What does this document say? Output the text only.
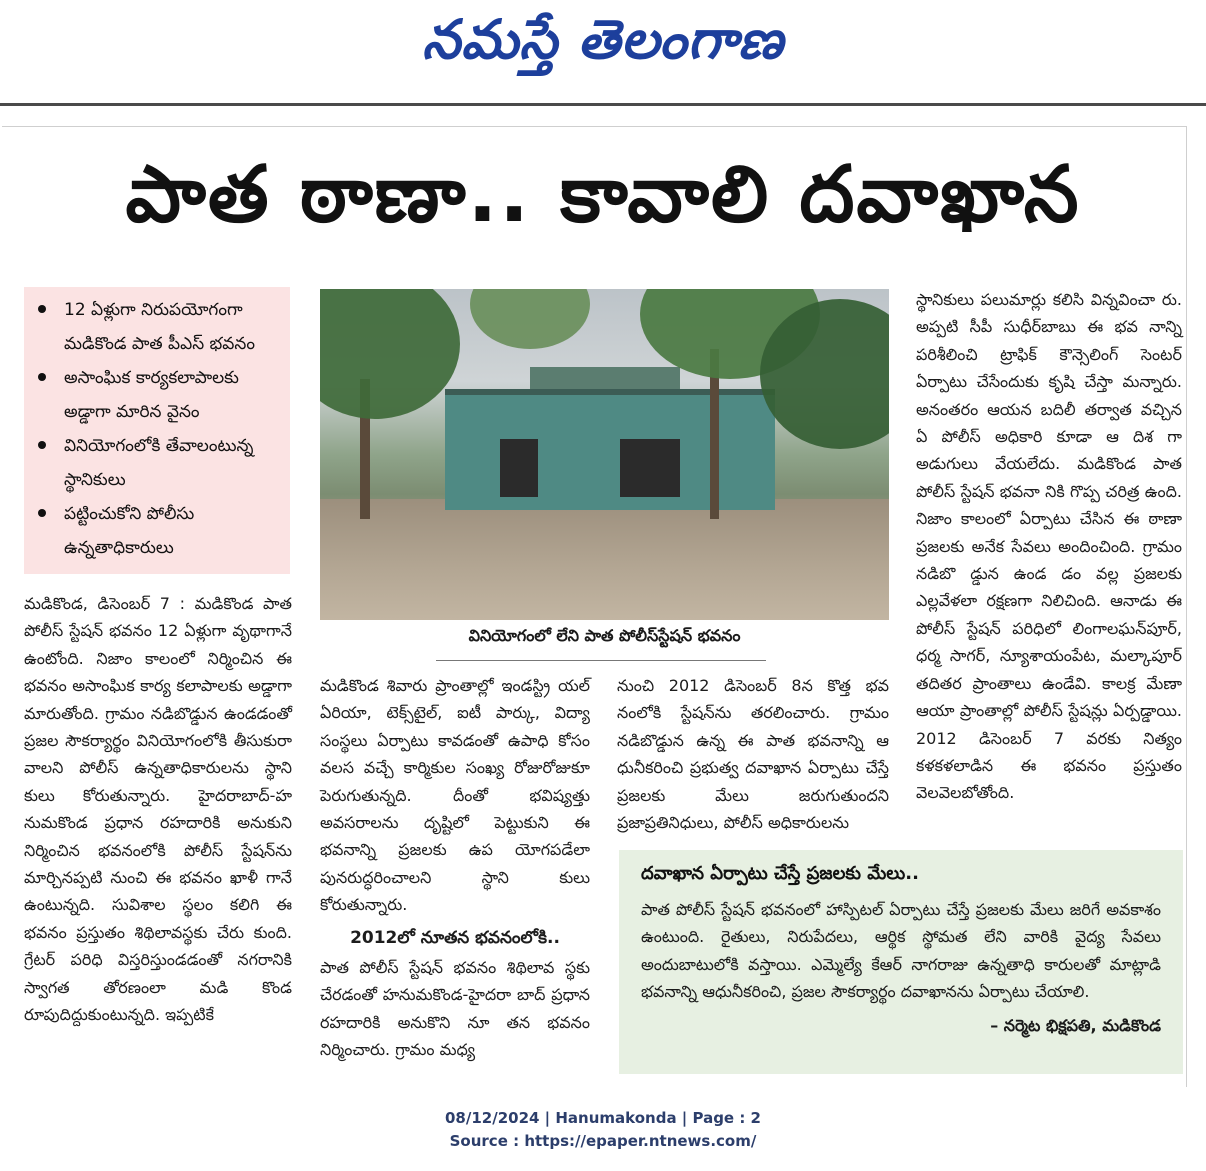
నమస్తే తెలంగాణ
పాత ఠాణా.. కావాలి దవాఖాన
12 ఏళ్లుగా నిరుపయోగంగా మడికొండ పాత పీఎస్ భవనం
అసాంఘిక కార్యకలాపాలకు అడ్డాగా మారిన వైనం
వినియోగంలోకి తేవాలంటున్న స్థానికులు
పట్టించుకోని పోలీసు ఉన్నతాధికారులు
వినియోగంలో లేని పాత పోలీస్‌స్టేషన్ భవనం

మడికొండ, డిసెంబర్ 7 : మడికొండ పాత పోలీస్ స్టేషన్ భవనం 12 ఏళ్లుగా వృథాగానే ఉంటోంది. నిజాం కాలంలో నిర్మించిన ఈ భవనం అసాంఘిక కార్య కలాపాలకు అడ్డాగా మారుతోంది. గ్రామం నడిబొడ్డున ఉండడంతో ప్రజల సౌకర్యార్థం వినియోగంలోకి తీసుకురా వాలని పోలీస్ ఉన్నతాధికారులను స్థాని కులు కోరుతున్నారు. హైదరాబాద్-హ నుమకొండ ప్రధాన రహదారికి అనుకుని నిర్మించిన భవనంలోకి పోలీస్ స్టేషన్‌ను మార్చినప్పటి నుంచి ఈ భవనం ఖాళీ గానే ఉంటున్నది. సువిశాల స్థలం కలిగి ఈ భవనం ప్రస్తుతం శిథిలావస్థకు చేరు కుంది. గ్రేటర్ పరిధి విస్తరిస్తుండడంతో నగరానికి స్వాగత తోరణంలా మడి కొండ రూపుదిద్దుకుంటున్నది. ఇప్పటికే

మడికొండ శివారు ప్రాంతాల్లో ఇండస్ట్రి యల్ ఏరియా, టెక్స్‌టైల్, ఐటీ పార్కు, విద్యా సంస్థలు ఏర్పాటు కావడంతో ఉపాధి కోసం వలస వచ్చే కార్మికుల సంఖ్య రోజురోజుకూ పెరుగుతున్నది. దీంతో భవిష్యత్తు అవసరాలను దృష్టిలో పెట్టుకుని ఈ భవనాన్ని ప్రజలకు ఉప యోగపడేలా పునరుద్ధరించాలని స్థాని కులు కోరుతున్నారు.

2012లో నూతన భవనంలోకి..

పాత పోలీస్ స్టేషన్ భవనం శిథిలావ స్థకు చేరడంతో హనుమకొండ-హైదరా బాద్ ప్రధాన రహదారికి అనుకొని నూ తన భవనం నిర్మించారు. గ్రామం మధ్య

నుంచి 2012 డిసెంబర్ 8న కొత్త భవ నంలోకి స్టేషన్‌ను తరలించారు. గ్రామం నడిబొడ్డున ఉన్న ఈ పాత భవనాన్ని ఆ ధునీకరించి ప్రభుత్వ దవాఖాన ఏర్పాటు చేస్తే ప్రజలకు మేలు జరుగుతుందని ప్రజాప్రతినిధులు, పోలీస్ అధికారులను

స్థానికులు పలుమార్లు కలిసి విన్నవించా రు. అప్పటి సీపీ సుధీర్‌బాబు ఈ భవ నాన్ని పరిశీలించి ట్రాఫిక్ కౌన్సెలింగ్ సెంటర్ ఏర్పాటు చేసేందుకు కృషి చేస్తా మన్నారు. అనంతరం ఆయన బదిలీ తర్వాత వచ్చిన ఏ పోలీస్ అధికారి కూడా ఆ దిశ గా అడుగులు వేయలేదు. మడికొండ పాత పోలీస్ స్టేషన్ భవనా నికి గొప్ప చరిత్ర ఉంది. నిజాం కాలంలో ఏర్పాటు చేసిన ఈ ఠాణా ప్రజలకు అనేక సేవలు అందించింది. గ్రామం నడిబొ డ్డున ఉండ డం వల్ల ప్రజలకు ఎల్లవేళలా రక్షణగా నిలిచింది. ఆనాడు ఈ పోలీస్ స్టేషన్ పరిధిలో లింగాలఘన్‌పూర్, ధర్మ సాగర్, న్యూశాయంపేట, మల్కాపూర్ తదితర ప్రాంతాలు ఉండేవి. కాలక్ర మేణా ఆయా ప్రాంతాల్లో పోలీస్ స్టేషన్లు ఏర్పడ్డాయి. 2012 డిసెంబర్ 7 వరకు నిత్యం కళకళలాడిన ఈ భవనం ప్రస్తుతం వెలవెలబోతోంది.

దవాఖాన ఏర్పాటు చేస్తే ప్రజలకు మేలు..
పాత పోలీస్ స్టేషన్ భవనంలో హాస్పిటల్ ఏర్పాటు చేస్తే ప్రజలకు మేలు జరిగే అవకాశం ఉంటుంది. రైతులు, నిరుపేదలు, ఆర్థిక స్థోమత లేని వారికి వైద్య సేవలు అందుబాటులోకి వస్తాయి. ఎమ్మెల్యే కేఆర్ నాగరాజు ఉన్నతాధి కారులతో మాట్లాడి భవనాన్ని ఆధునీకరించి, ప్రజల సౌకర్యార్థం దవాఖానను ఏర్పాటు చేయాలి.
– నర్మెట భిక్షపతి, మడికొండ
08/12/2024 | Hanumakonda | Page : 2
Source : https://epaper.ntnews.com/
